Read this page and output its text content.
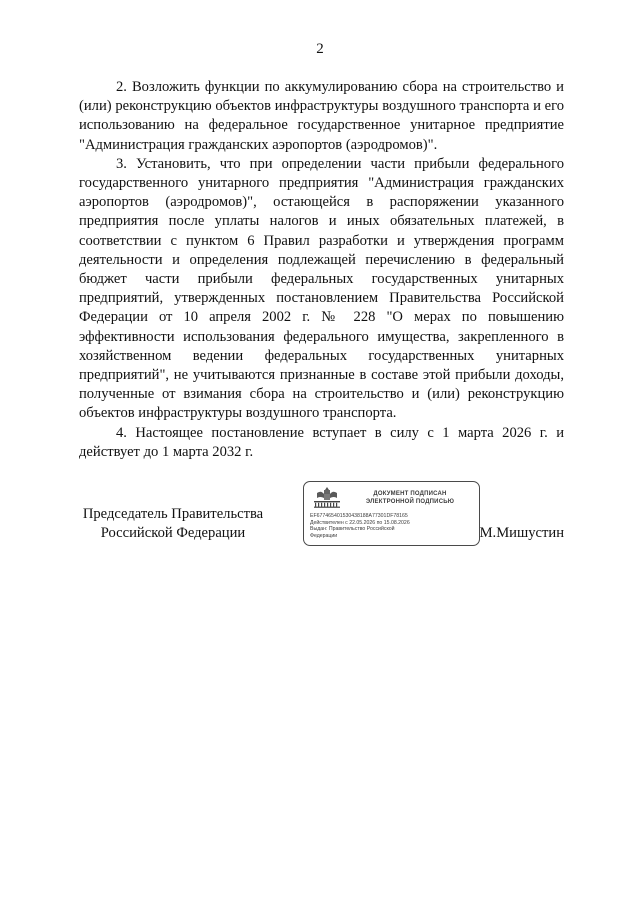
2

2. Возложить функции по аккумулированию сбора на строительство и (или) реконструкцию объектов инфраструктуры воздушного транспорта и его использованию на федеральное государственное унитарное предприятие "Администрация гражданских аэропортов (аэродромов)".

3. Установить, что при определении части прибыли федерального государственного унитарного предприятия "Администрация гражданских аэропортов (аэродромов)", остающейся в распоряжении указанного предприятия после уплаты налогов и иных обязательных платежей, в соответствии с пунктом 6 Правил разработки и утверждения программ деятельности и определения подлежащей перечислению в федеральный бюджет части прибыли федеральных государственных унитарных предприятий, утвержденных постановлением Правительства Российской Федерации от 10 апреля 2002 г. № 228 "О мерах по повышению эффективности использования федерального имущества, закрепленного в хозяйственном ведении федеральных государственных унитарных предприятий", не учитываются признанные в составе этой прибыли доходы, полученные от взимания сбора на строительство и (или) реконструкцию объектов инфраструктуры воздушного транспорта.

4. Настоящее постановление вступает в силу с 1 марта 2026 г. и действует до 1 марта 2032 г.

Председатель Правительства
Российской Федерации
ДОКУМЕНТ ПОДПИСАН
ЭЛЕКТРОННОЙ ПОДПИСЬЮ
EF677465401530438188A77301DF78165
Действителен с 22.05.2026 по 15.08.2026
Выдан: Правительство Российской
Федерации	М.Мишустин
